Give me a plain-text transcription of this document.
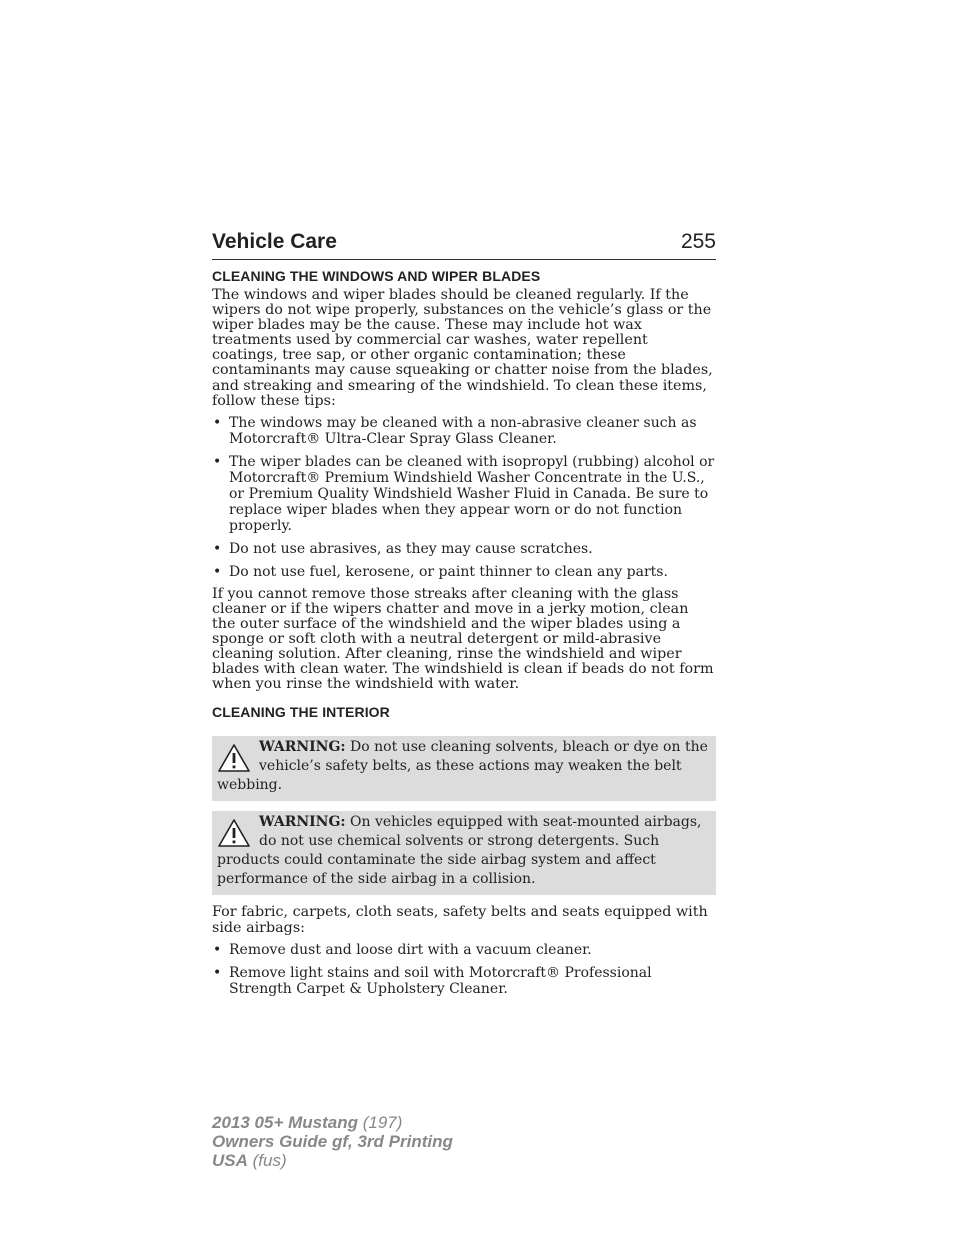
Vehicle Care	255
CLEANING THE WINDOWS AND WIPER BLADES

The windows and wiper blades should be cleaned regularly. If the wipers do not wipe properly, substances on the vehicle’s glass or the wiper blades may be the cause. These may include hot wax treatments used by commercial car washes, water repellent coatings, tree sap, or other organic contamination; these contaminants may cause squeaking or chatter noise from the blades, and streaking and smearing of the windshield. To clean these items, follow these tips:

• The windows may be cleaned with a non-abrasive cleaner such as Motorcraft® Ultra-Clear Spray Glass Cleaner.
• The wiper blades can be cleaned with isopropyl (rubbing) alcohol or Motorcraft® Premium Windshield Washer Concentrate in the U.S., or Premium Quality Windshield Washer Fluid in Canada. Be sure to replace wiper blades when they appear worn or do not function properly.
• Do not use abrasives, as they may cause scratches.
• Do not use fuel, kerosene, or paint thinner to clean any parts.

If you cannot remove those streaks after cleaning with the glass cleaner or if the wipers chatter and move in a jerky motion, clean the outer surface of the windshield and the wiper blades using a sponge or soft cloth with a neutral detergent or mild-abrasive cleaning solution. After cleaning, rinse the windshield and wiper blades with clean water. The windshield is clean if beads do not form when you rinse the windshield with water.

CLEANING THE INTERIOR
WARNING: Do not use cleaning solvents, bleach or dye on the vehicle’s safety belts, as these actions may weaken the belt webbing.
WARNING: On vehicles equipped with seat-mounted airbags, do not use chemical solvents or strong detergents. Such products could contaminate the side airbag system and affect performance of the side airbag in a collision.

For fabric, carpets, cloth seats, safety belts and seats equipped with side airbags:

• Remove dust and loose dirt with a vacuum cleaner.
• Remove light stains and soil with Motorcraft® Professional Strength Carpet & Upholstery Cleaner.
2013 05+ Mustang (197)
Owners Guide gf, 3rd Printing
USA (fus)
